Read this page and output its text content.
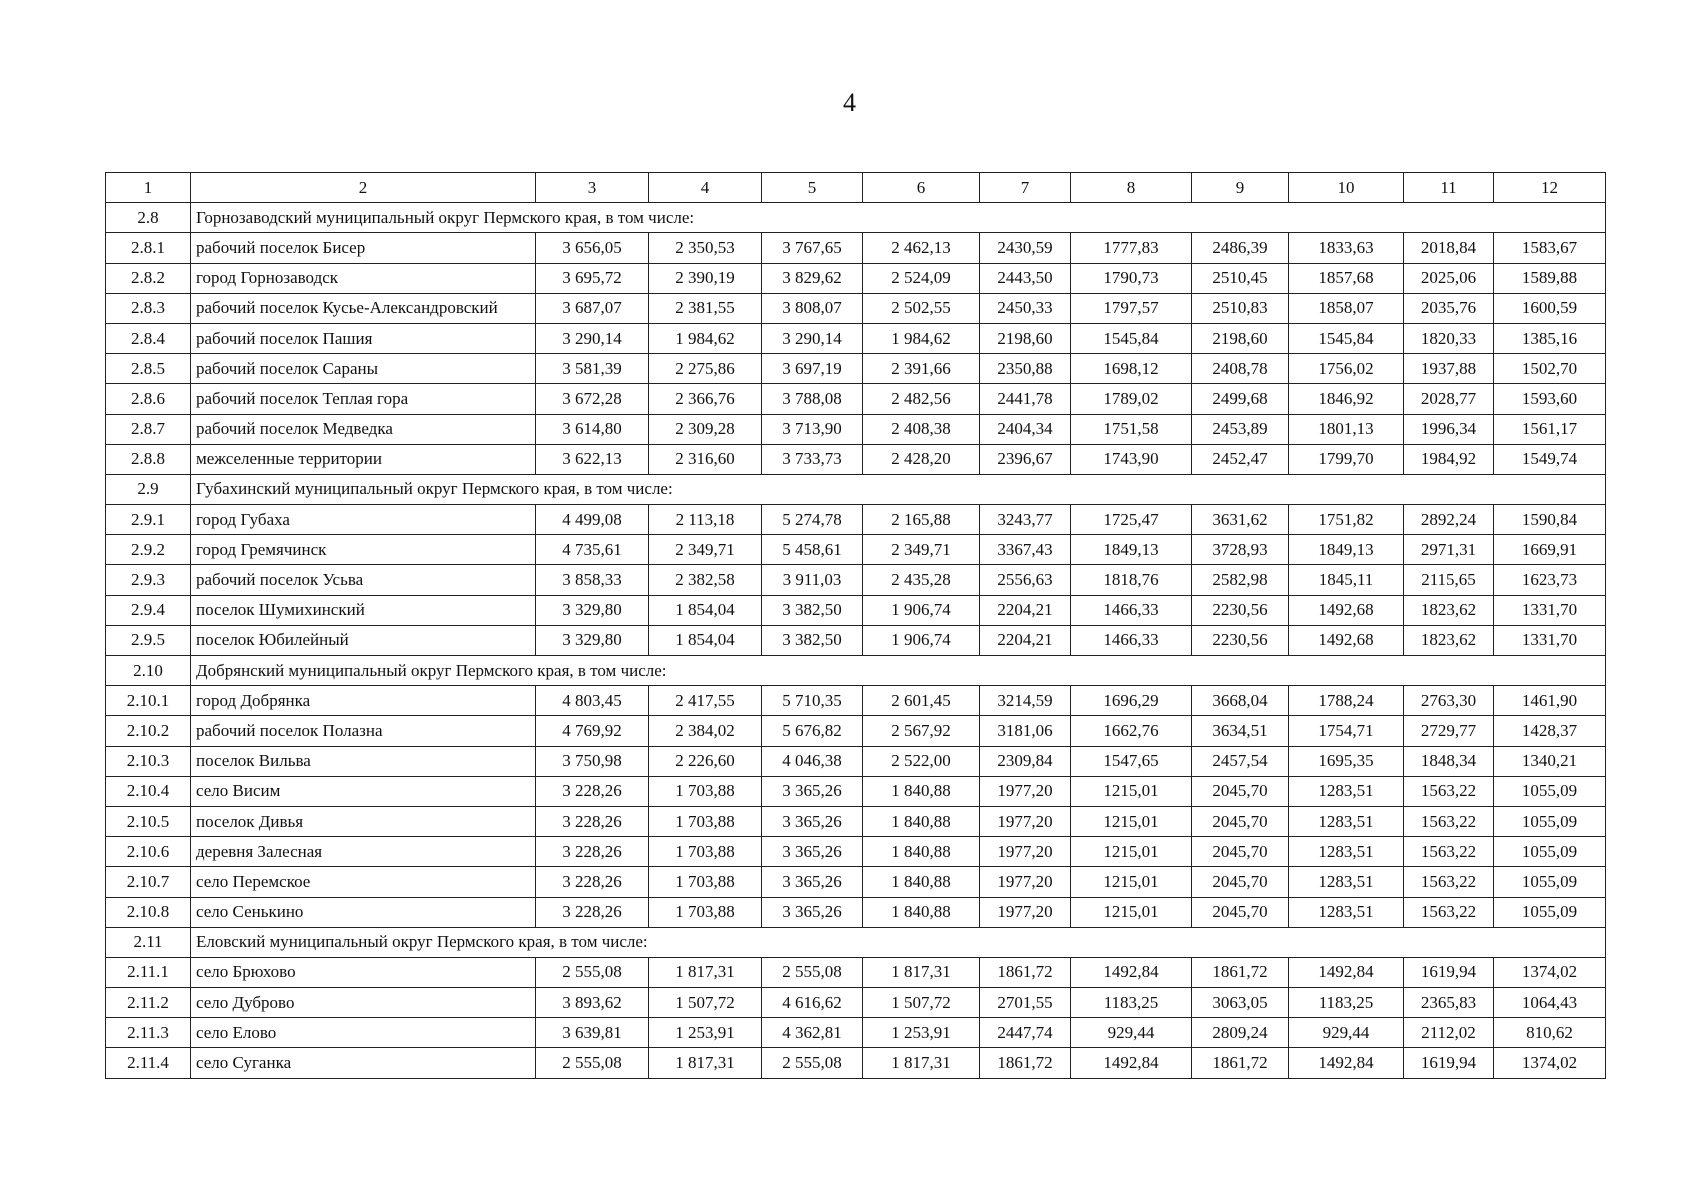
4
1	2	3	4	5	6	7	8	9	10	11	12
2.8	Горнозаводский муниципальный округ Пермского края, в том числе:										
2.8.1	рабочий поселок Бисер	3 656,05	2 350,53	3 767,65	2 462,13	2430,59	1777,83	2486,39	1833,63	2018,84	1583,67
2.8.2	город Горнозаводск	3 695,72	2 390,19	3 829,62	2 524,09	2443,50	1790,73	2510,45	1857,68	2025,06	1589,88
2.8.3	рабочий поселок Кусье-Александровский	3 687,07	2 381,55	3 808,07	2 502,55	2450,33	1797,57	2510,83	1858,07	2035,76	1600,59
2.8.4	рабочий поселок Пашия	3 290,14	1 984,62	3 290,14	1 984,62	2198,60	1545,84	2198,60	1545,84	1820,33	1385,16
2.8.5	рабочий поселок Сараны	3 581,39	2 275,86	3 697,19	2 391,66	2350,88	1698,12	2408,78	1756,02	1937,88	1502,70
2.8.6	рабочий поселок Теплая гора	3 672,28	2 366,76	3 788,08	2 482,56	2441,78	1789,02	2499,68	1846,92	2028,77	1593,60
2.8.7	рабочий поселок Медведка	3 614,80	2 309,28	3 713,90	2 408,38	2404,34	1751,58	2453,89	1801,13	1996,34	1561,17
2.8.8	межселенные территории	3 622,13	2 316,60	3 733,73	2 428,20	2396,67	1743,90	2452,47	1799,70	1984,92	1549,74
2.9	Губахинский муниципальный округ Пермского края, в том числе:										
2.9.1	город Губаха	4 499,08	2 113,18	5 274,78	2 165,88	3243,77	1725,47	3631,62	1751,82	2892,24	1590,84
2.9.2	город Гремячинск	4 735,61	2 349,71	5 458,61	2 349,71	3367,43	1849,13	3728,93	1849,13	2971,31	1669,91
2.9.3	рабочий поселок Усьва	3 858,33	2 382,58	3 911,03	2 435,28	2556,63	1818,76	2582,98	1845,11	2115,65	1623,73
2.9.4	поселок Шумихинский	3 329,80	1 854,04	3 382,50	1 906,74	2204,21	1466,33	2230,56	1492,68	1823,62	1331,70
2.9.5	поселок Юбилейный	3 329,80	1 854,04	3 382,50	1 906,74	2204,21	1466,33	2230,56	1492,68	1823,62	1331,70
2.10	Добрянский муниципальный округ Пермского края, в том числе:										
2.10.1	город Добрянка	4 803,45	2 417,55	5 710,35	2 601,45	3214,59	1696,29	3668,04	1788,24	2763,30	1461,90
2.10.2	рабочий поселок Полазна	4 769,92	2 384,02	5 676,82	2 567,92	3181,06	1662,76	3634,51	1754,71	2729,77	1428,37
2.10.3	поселок Вильва	3 750,98	2 226,60	4 046,38	2 522,00	2309,84	1547,65	2457,54	1695,35	1848,34	1340,21
2.10.4	село Висим	3 228,26	1 703,88	3 365,26	1 840,88	1977,20	1215,01	2045,70	1283,51	1563,22	1055,09
2.10.5	поселок Дивья	3 228,26	1 703,88	3 365,26	1 840,88	1977,20	1215,01	2045,70	1283,51	1563,22	1055,09
2.10.6	деревня Залесная	3 228,26	1 703,88	3 365,26	1 840,88	1977,20	1215,01	2045,70	1283,51	1563,22	1055,09
2.10.7	село Перемское	3 228,26	1 703,88	3 365,26	1 840,88	1977,20	1215,01	2045,70	1283,51	1563,22	1055,09
2.10.8	село Сенькино	3 228,26	1 703,88	3 365,26	1 840,88	1977,20	1215,01	2045,70	1283,51	1563,22	1055,09
2.11	Еловский муниципальный округ Пермского края, в том числе:										
2.11.1	село Брюхово	2 555,08	1 817,31	2 555,08	1 817,31	1861,72	1492,84	1861,72	1492,84	1619,94	1374,02
2.11.2	село Дуброво	3 893,62	1 507,72	4 616,62	1 507,72	2701,55	1183,25	3063,05	1183,25	2365,83	1064,43
2.11.3	село Елово	3 639,81	1 253,91	4 362,81	1 253,91	2447,74	929,44	2809,24	929,44	2112,02	810,62
2.11.4	село Суганка	2 555,08	1 817,31	2 555,08	1 817,31	1861,72	1492,84	1861,72	1492,84	1619,94	1374,02
